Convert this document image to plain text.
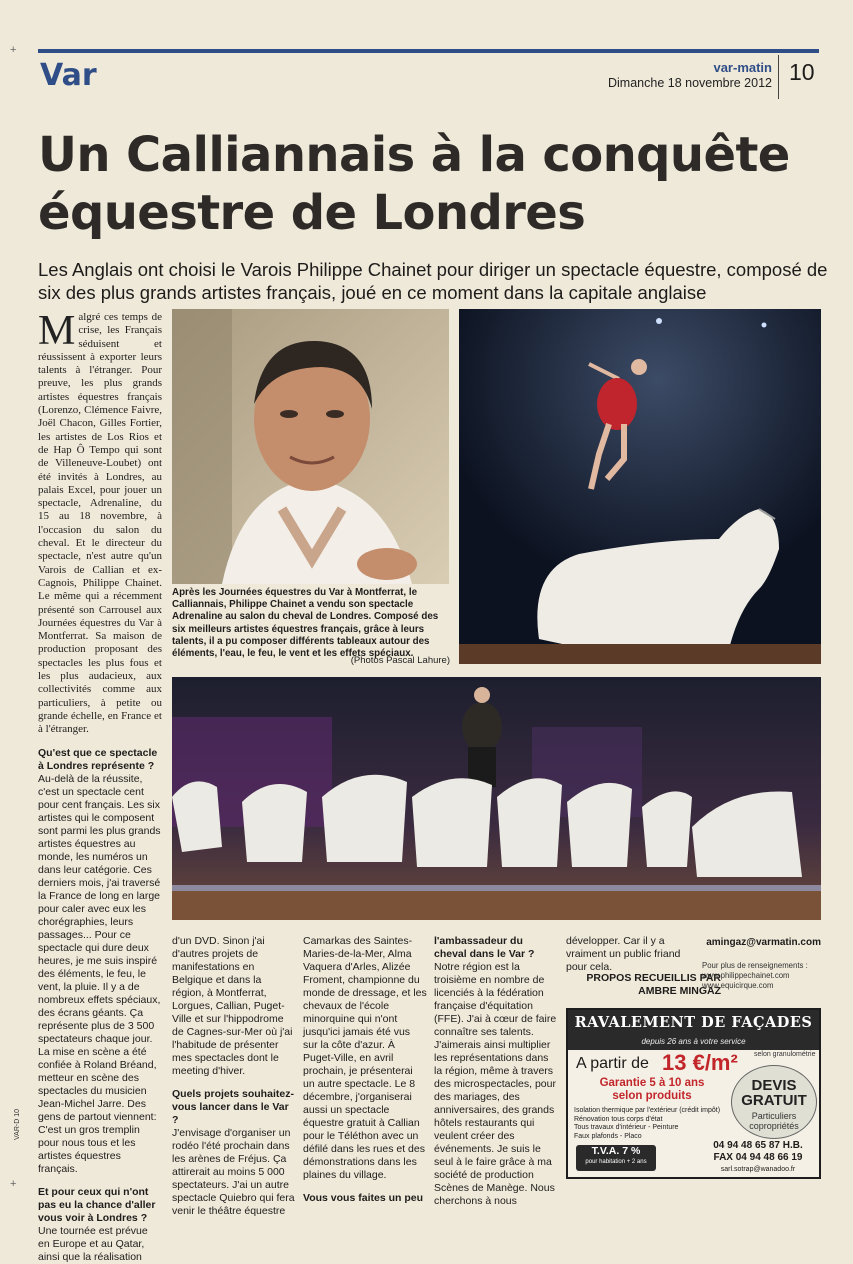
Var	var-matin
Dimanche 18 novembre 2012 10
Un Calliannais à la conquête
équestre de Londres
Les Anglais ont choisi le Varois Philippe Chainet pour diriger un spectacle équestre, composé de six des plus grands artistes français, joué en ce moment dans la capitale anglaise

Malgré ces temps de crise, les Français séduisent et réussissent à exporter leurs talents à l'étranger. Pour preuve, les plus grands artistes équestres français (Lorenzo, Clémence Faivre, Joël Chacon, Gilles Fortier, les artistes de Los Rios et de Hap Ô Tempo qui sont de Villeneuve-Loubet) ont été invités à Londres, au palais Excel, pour jouer un spectacle, Adrenaline, du 15 au 18 novembre, à l'occasion du salon du cheval. Et le directeur du spectacle, n'est autre qu'un Varois de Callian et ex-Cagnois, Philippe Chainet. Le même qui a récemment présenté son Carrousel aux Journées équestres du Var à Montferrat. Sa maison de production proposant des spectacles les plus fous et les plus audacieux, aux collectivités comme aux particuliers, à petite ou grande échelle, en France et à l'étranger.

Qu'est que ce spectacle à Londres représente ?

Au-delà de la réussite, c'est un spectacle cent pour cent français. Les six artistes qui le composent sont parmi les plus grands artistes équestres au monde, les numéros un dans leur catégorie. Ces derniers mois, j'ai traversé la France de long en large pour caler avec eux les chorégraphies, leurs passages... Pour ce spectacle qui dure deux heures, je me suis inspiré des éléments, le feu, le vent, la pluie. Il y a de nombreux effets spéciaux, des écrans géants. Ça représente plus de 3 500 spectateurs chaque jour. La mise en scène a été confiée à Roland Bréand, metteur en scène des spectacles du musicien Jean-Michel Jarre. Des gens de partout viennent: C'est un gros tremplin pour nous tous et les artistes équestres français.

Et pour ceux qui n'ont pas eu la chance d'aller vous voir à Londres ?

Une tournée est prévue en Europe et au Qatar, ainsi que la réalisation

Après les Journées équestres du Var à Montferrat, le Calliannais, Philippe Chainet a vendu son spectacle Adrenaline au salon du cheval de Londres. Composé des six meilleurs artistes équestres français, grâce à leurs talents, il a pu composer différents tableaux autour des éléments, l'eau, le feu, le vent et les effets spéciaux.
(Photos Pascal Lahure)

d'un DVD. Sinon j'ai d'autres projets de manifestations en Belgique et dans la région, à Montferrat, Lorgues, Callian, Puget-Ville et sur l'hippodrome de Cagnes-sur-Mer où j'ai l'habitude de présenter mes spectacles dont le meeting d'hiver.

Quels projets souhaitez-vous lancer dans le Var ?

J'envisage d'organiser un rodéo l'été prochain dans les arènes de Fréjus. Ça attirerait au moins 5 000 spectateurs. J'ai un autre spectacle Quiebro qui fera venir le théâtre équestre

Camarkas des Saintes-Maries-de-la-Mer, Alma Vaquera d'Arles, Alizée Froment, championne du monde de dressage, et les chevaux de l'école minorquine qui n'ont jusqu'ici jamais été vus sur la côte d'azur. À Puget-Ville, en avril prochain, je présenterai un autre spectacle. Le 8 décembre, j'organiserai aussi un spectacle équestre gratuit à Callian pour le Téléthon avec un défilé dans les rues et des démonstrations dans les plaines du village.

Vous vous faites un peu

l'ambassadeur du cheval dans le Var ?

Notre région est la troisième en nombre de licenciés à la fédération française d'équitation (FFE). J'ai à cœur de faire connaître ses talents. J'aimerais ainsi multiplier les représentations dans la région, même à travers des microspectacles, pour des mariages, des anniversaires, des grands hôtels restaurants qui veulent créer des événements. Je suis le seul à le faire grâce à ma société de production Scènes de Manège. Nous cherchons à nous

développer. Car il y a vraiment un public friand pour cela.

PROPOS RECUEILLIS PAR
AMBRE MINGAZ
amingaz@varmatin.com
Pour plus de renseignements :
www.philippechainet.com
www.equicirque.com
RAVALEMENT DE FAÇADES
depuis 26 ans à votre service
A partir de 13 €/m² selon granulométrie
Garantie 5 à 10 ans
selon produits
DEVIS
GRATUIT
Particuliers
copropriétés
Isolation thermique par l'extérieur (crédit impôt)
Rénovation tous corps d'état
Tous travaux d'intérieur - Peinture
Faux plafonds - Placo
T.V.A. 7 %
pour habitation + 2 ans
04 94 48 65 87 H.B.
FAX 04 94 48 66 19
sarl.sotrap@wanadoo.fr
VAR-D 10
+
+
